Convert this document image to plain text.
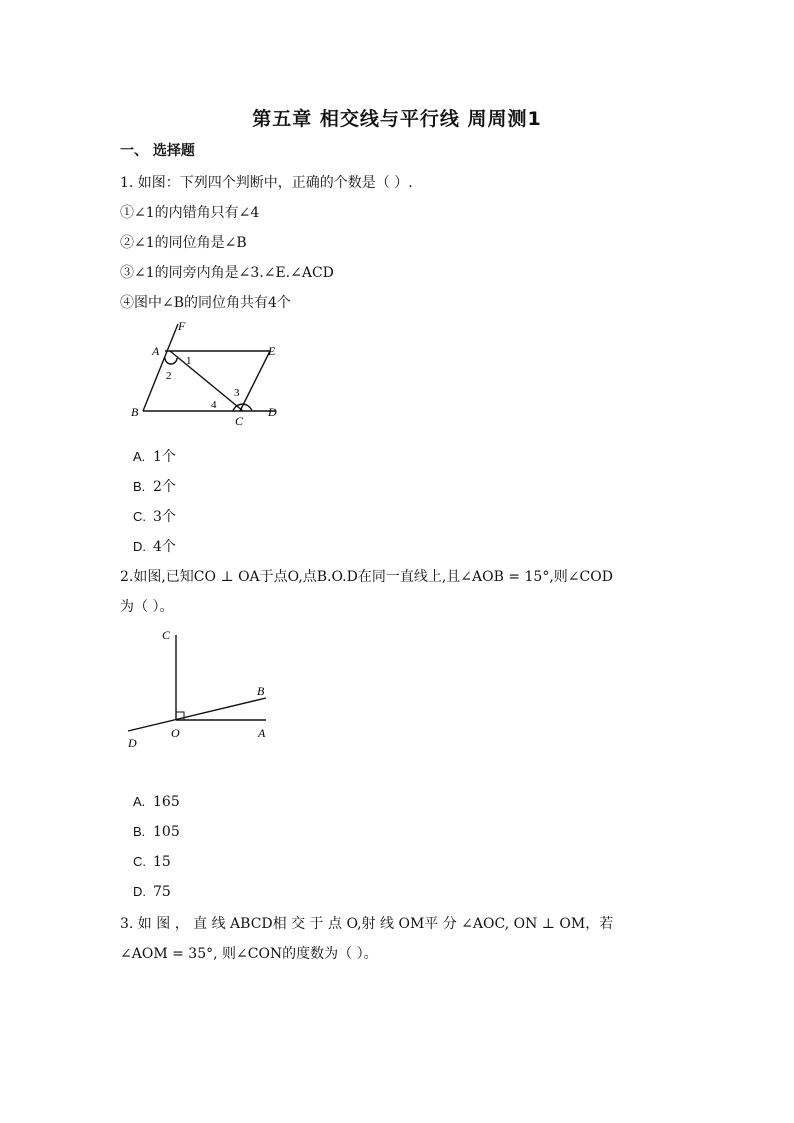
第五章 相交线与平行线 周周测1
一、 选择题
1. 如图：下列四个判断中，正确的个数是（ ）.
①∠1的内错角只有∠4
②∠1的同位角是∠B
③∠1的同旁内角是∠3.∠E.∠ACD
④图中∠B的同位角共有4个
A
F
E
B
C
D
1
2
3
4
A. 1个
B. 2个
C. 3个
D. 4个
2.如图,已知CO ⊥ OA于点O,点B.O.D在同一直线上,且∠AOB = 15°,则∠COD
为（ ）。
C
B
O	A
D
A. 165
B. 105
C. 15
D. 75
3. 如 图 ， 直 线 ABCD相 交 于 点 O,射 线 OM平 分 ∠AOC, ON ⊥ OM，若
∠AOM = 35°, 则∠CON的度数为（ ）。
